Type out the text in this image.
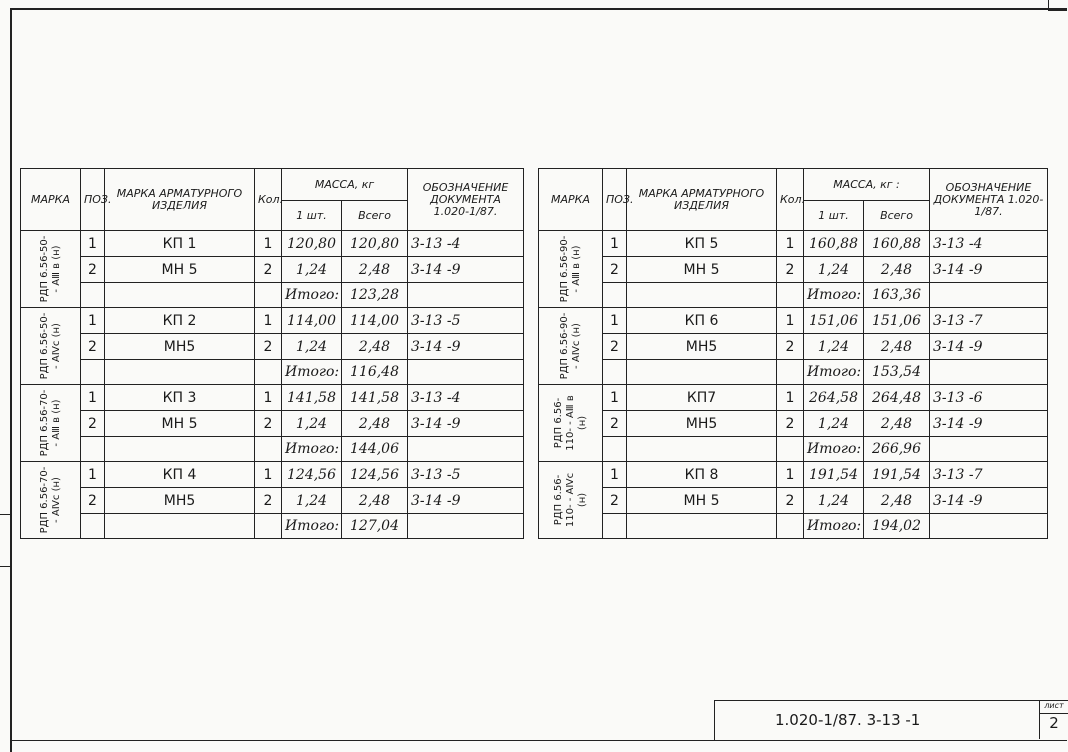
МАРКА	ПОЗ.	МАРКА АРМАТУРНОГО ИЗДЕЛИЯ	Кол.	МАССА, кг		ОБОЗНАЧЕНИЕ ДОКУМЕНТА 1.020-1/87.
				1 шт.	Всего	

РДП 6.56-50- - AⅢ в (н)	1	КП 1	1	120,80	120,80	3-13 -4
	2	МН 5	2	1,24	2,48	3-14 -9
				Итого:	123,28	

РДП 6.56-50- - AⅣс (н)	1	КП 2	1	114,00	114,00	3-13 -5
	2	МН5	2	1,24	2,48	3-14 -9
				Итого:	116,48	

РДП 6.56-70- - AⅢ в (н)	1	КП 3	1	141,58	141,58	3-13 -4
	2	МН 5	2	1,24	2,48	3-14 -9
				Итого:	144,06	

РДП 6.56-70- - AⅣс (н)	1	КП 4	1	124,56	124,56	3-13 -5
	2	МН5	2	1,24	2,48	3-14 -9
				Итого:	127,04	
МАРКА	ПОЗ.	МАРКА АРМАТУРНОГО ИЗДЕЛИЯ	Кол.	МАССА, кг :		ОБОЗНАЧЕНИЕ ДОКУМЕНТА 1.020-1/87.
				1 шт.	Всего	

РДП 6.56-90- - AⅢ в (н)	1	КП 5	1	160,88	160,88	3-13 -4
	2	МН 5	2	1,24	2,48	3-14 -9
				Итого:	163,36	

РДП 6.56-90- - AⅣс (н)	1	КП 6	1	151,06	151,06	3-13 -7
	2	МН5	2	1,24	2,48	3-14 -9
				Итого:	153,54	

РДП 6.56-110- - AⅢ в (н)	1	КП7	1	264,58	264,48	3-13 -6
	2	МН5	2	1,24	2,48	3-14 -9
				Итого:	266,96	

РДП 6.56-110- - AⅣс (н)	1	КП 8	1	191,54	191,54	3-13 -7
	2	МН 5	2	1,24	2,48	3-14 -9
				Итого:	194,02	
1.020-1/87. 3-13 -1
лист
2
